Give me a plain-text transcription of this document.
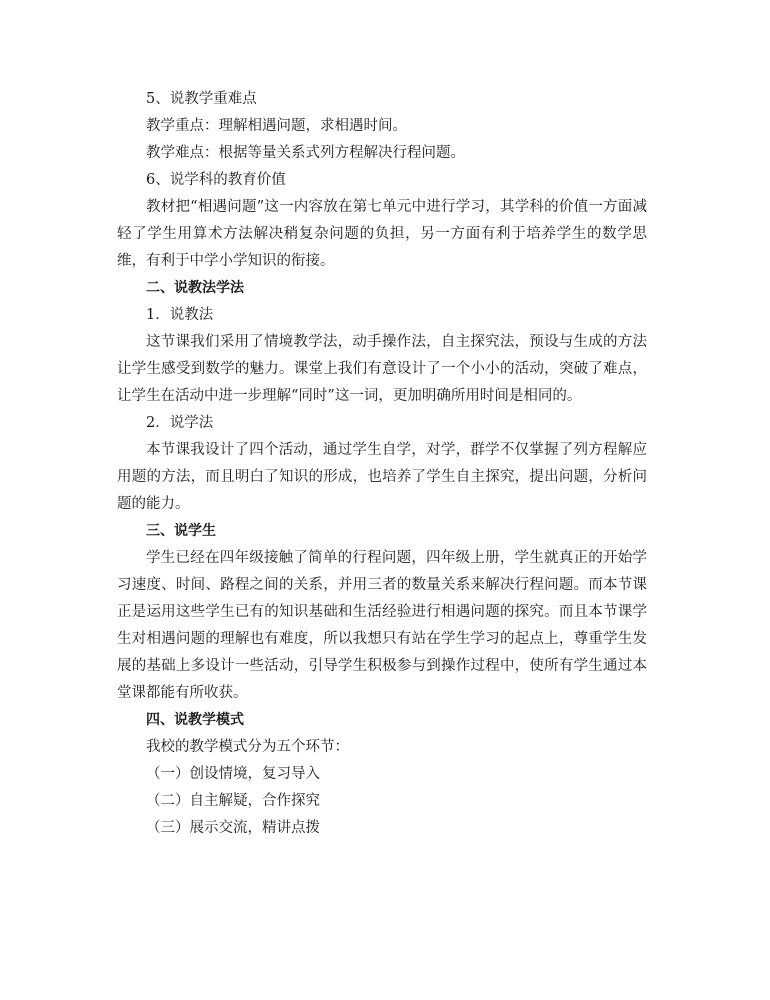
5、说教学重难点

教学重点：理解相遇问题，求相遇时间。

教学难点：根据等量关系式列方程解决行程问题。

6、说学科的教育价值

教材把“相遇问题”这一内容放在第七单元中进行学习，其学科的价值一方面减轻了学生用算术方法解决稍复杂问题的负担，另一方面有利于培养学生的数学思维，有利于中学小学知识的衔接。

二、说教法学法

1．说教法

这节课我们采用了情境教学法，动手操作法，自主探究法，预设与生成的方法让学生感受到数学的魅力。课堂上我们有意设计了一个小小的活动，突破了难点，让学生在活动中进一步理解“同时”这一词，更加明确所用时间是相同的。

2．说学法

本节课我设计了四个活动，通过学生自学，对学，群学不仅掌握了列方程解应用题的方法，而且明白了知识的形成，也培养了学生自主探究，提出问题，分析问题的能力。

三、说学生

学生已经在四年级接触了简单的行程问题，四年级上册，学生就真正的开始学习速度、时间、路程之间的关系，并用三者的数量关系来解决行程问题。而本节课正是运用这些学生已有的知识基础和生活经验进行相遇问题的探究。而且本节课学生对相遇问题的理解也有难度，所以我想只有站在学生学习的起点上，尊重学生发展的基础上多设计一些活动，引导学生积极参与到操作过程中，使所有学生通过本堂课都能有所收获。

四、说教学模式

我校的教学模式分为五个环节：

（一）创设情境，复习导入

（二）自主解疑，合作探究

（三）展示交流，精讲点拨
